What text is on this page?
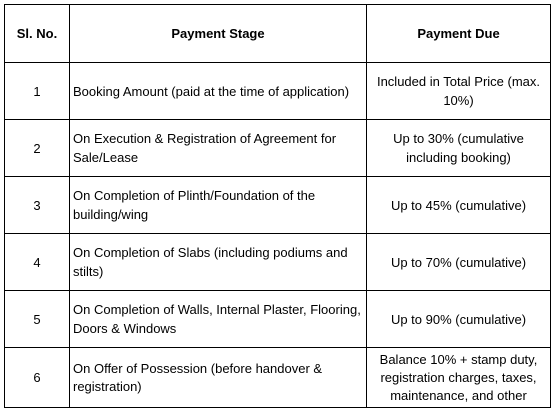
Sl. No.	Payment Stage	Payment Due
1	Booking Amount (paid at the time of application)	Included in Total Price (max. 10%)
2	On Execution & Registration of Agreement for Sale/Lease	Up to 30% (cumulative including booking)
3	On Completion of Plinth/Foundation of the building/wing	Up to 45% (cumulative)
4	On Completion of Slabs (including podiums and stilts)	Up to 70% (cumulative)
5	On Completion of Walls, Internal Plaster, Flooring, Doors & Windows	Up to 90% (cumulative)
6	On Offer of Possession (before handover & registration)	Balance 10% + stamp duty, registration charges, taxes, maintenance, and other
